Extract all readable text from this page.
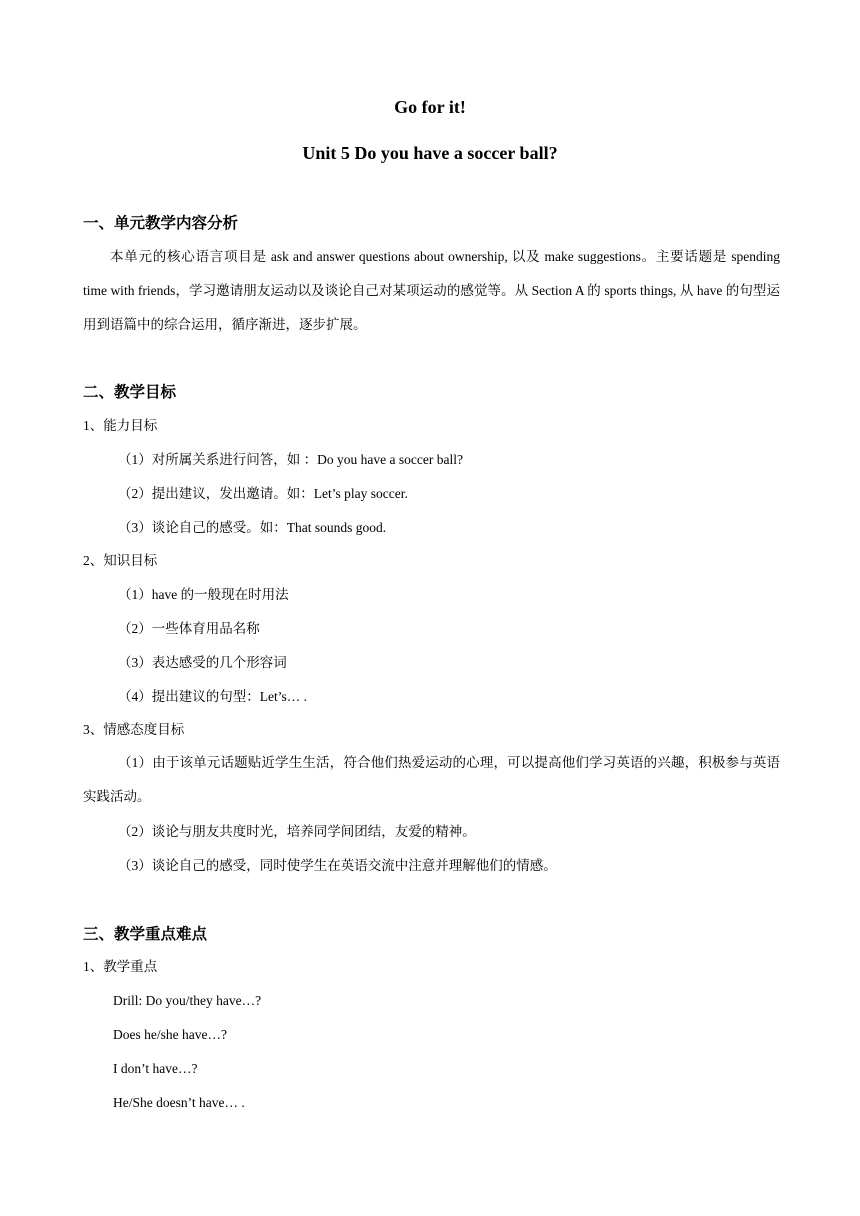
Go for it!
Unit 5 Do you have a soccer ball?
一、单元教学内容分析
本单元的核心语言项目是 ask and answer questions about ownership, 以及 make suggestions。主要话题是 spending time with friends，学习邀请朋友运动以及谈论自己对某项运动的感觉等。从 Section A 的 sports things, 从 have 的句型运用到语篇中的综合运用，循序渐进，逐步扩展。
二、教学目标
1、能力目标
（1）对所属关系进行问答，如 ：Do you have a soccer ball?
（2）提出建议，发出邀请。如：Let’s play soccer.
（3）谈论自己的感受。如：That sounds good.
2、知识目标
（1）have 的一般现在时用法
（2）一些体育用品名称
（3）表达感受的几个形容词
（4）提出建议的句型：Let’s… .
3、情感态度目标
（1）由于该单元话题贴近学生生活，符合他们热爱运动的心理，可以提高他们学习英语的兴趣，积极参与英语实践活动。
（2）谈论与朋友共度时光，培养同学间团结，友爱的精神。
（3）谈论自己的感受，同时使学生在英语交流中注意并理解他们的情感。
三、教学重点难点
1、教学重点
Drill: Do you/they have…?
Does he/she have…?
I don’t have…?
He/She doesn’t have… .
